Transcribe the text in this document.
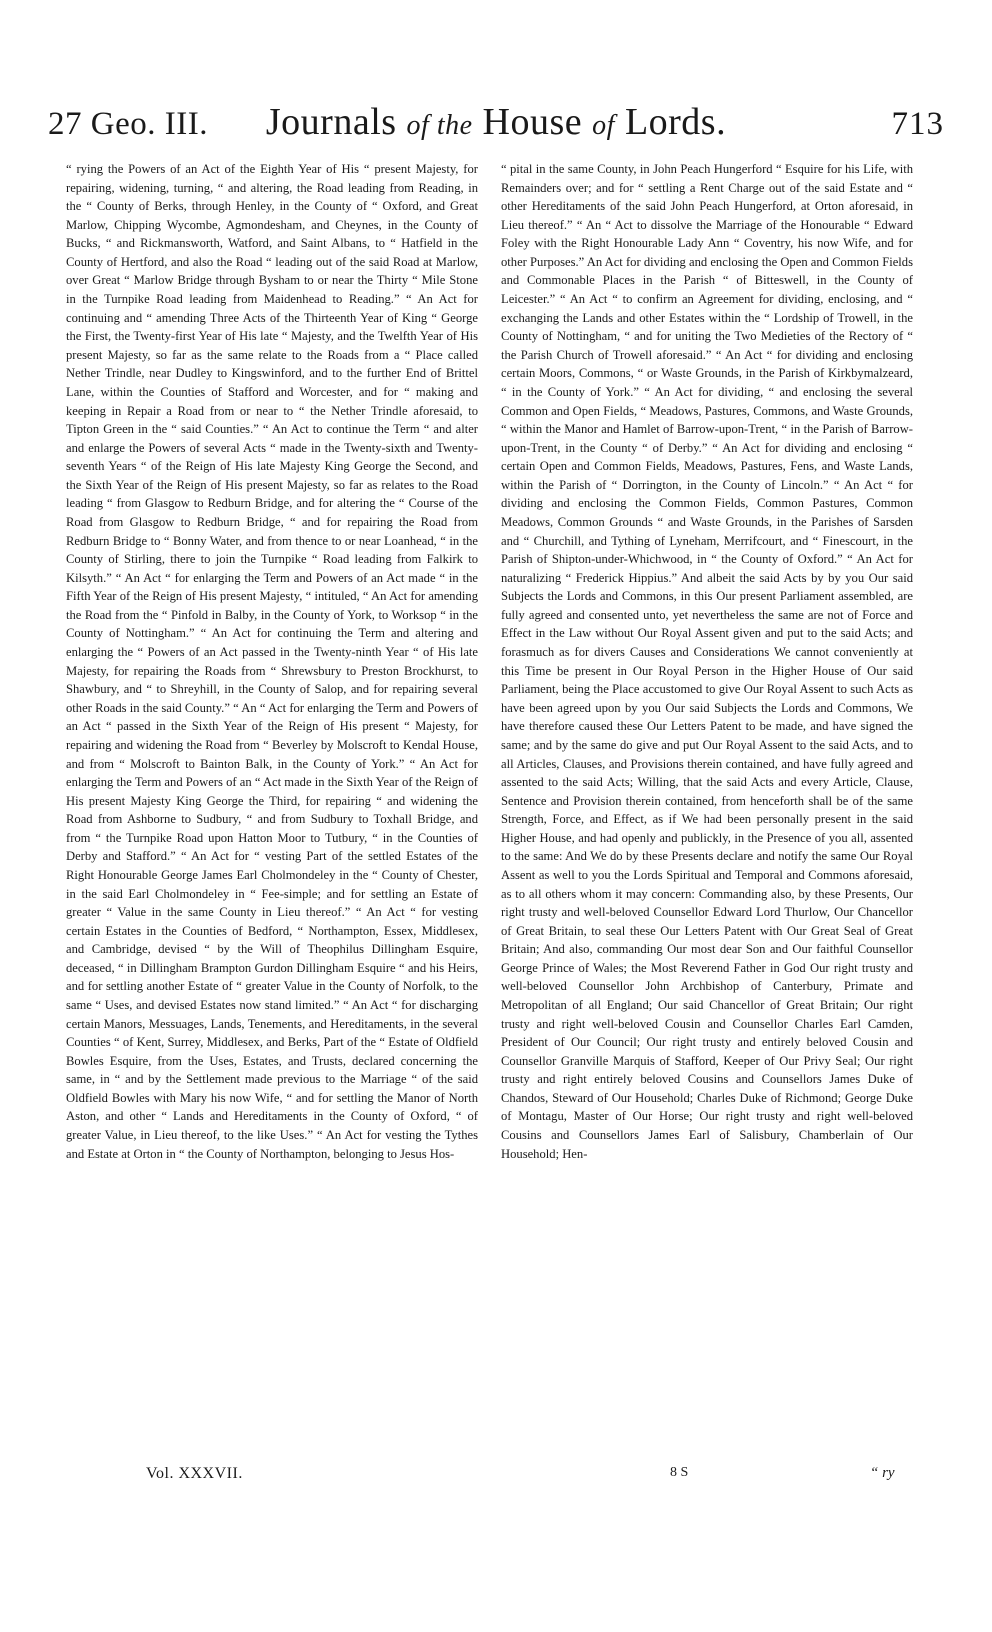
27 Geo. III.	Journals of the House of Lords.	713

“ rying the Powers of an Act of the Eighth Year of His “ present Majesty, for repairing, widening, turning, “ and altering, the Road leading from Reading, in the “ County of Berks, through Henley, in the County of “ Oxford, and Great Marlow, Chipping Wycombe, Agmondesham, and Cheynes, in the County of Bucks, “ and Rickmansworth, Watford, and Saint Albans, to “ Hatfield in the County of Hertford, and also the Road “ leading out of the said Road at Marlow, over Great “ Marlow Bridge through Bysham to or near the Thirty “ Mile Stone in the Turnpike Road leading from Maidenhead to Reading.” “ An Act for continuing and “ amending Three Acts of the Thirteenth Year of King “ George the First, the Twenty-first Year of His late “ Majesty, and the Twelfth Year of His present Majesty, so far as the same relate to the Roads from a “ Place called Nether Trindle, near Dudley to Kingswinford, and to the further End of Brittel Lane, within the Counties of Stafford and Worcester, and for “ making and keeping in Repair a Road from or near to “ the Nether Trindle aforesaid, to Tipton Green in the “ said Counties.” “ An Act to continue the Term “ and alter and enlarge the Powers of several Acts “ made in the Twenty-sixth and Twenty-seventh Years “ of the Reign of His late Majesty King George the Second, and the Sixth Year of the Reign of His present Majesty, so far as relates to the Road leading “ from Glasgow to Redburn Bridge, and for altering the “ Course of the Road from Glasgow to Redburn Bridge, “ and for repairing the Road from Redburn Bridge to “ Bonny Water, and from thence to or near Loanhead, “ in the County of Stirling, there to join the Turnpike “ Road leading from Falkirk to Kilsyth.” “ An Act “ for enlarging the Term and Powers of an Act made “ in the Fifth Year of the Reign of His present Majesty, “ intituled, “ An Act for amending the Road from the “ Pinfold in Balby, in the County of York, to Worksop “ in the County of Nottingham.” “ An Act for continuing the Term and altering and enlarging the “ Powers of an Act passed in the Twenty-ninth Year “ of His late Majesty, for repairing the Roads from “ Shrewsbury to Preston Brockhurst, to Shawbury, and “ to Shreyhill, in the County of Salop, and for repairing several other Roads in the said County.” “ An “ Act for enlarging the Term and Powers of an Act “ passed in the Sixth Year of the Reign of His present “ Majesty, for repairing and widening the Road from “ Beverley by Molscroft to Kendal House, and from “ Molscroft to Bainton Balk, in the County of York.” “ An Act for enlarging the Term and Powers of an “ Act made in the Sixth Year of the Reign of His present Majesty King George the Third, for repairing “ and widening the Road from Ashborne to Sudbury, “ and from Sudbury to Toxhall Bridge, and from “ the Turnpike Road upon Hatton Moor to Tutbury, “ in the Counties of Derby and Stafford.” “ An Act for “ vesting Part of the settled Estates of the Right Honourable George James Earl Cholmondeley in the “ County of Chester, in the said Earl Cholmondeley in “ Fee-simple; and for settling an Estate of greater “ Value in the same County in Lieu thereof.” “ An Act “ for vesting certain Estates in the Counties of Bedford, “ Northampton, Essex, Middlesex, and Cambridge, devised “ by the Will of Theophilus Dillingham Esquire, deceased, “ in Dillingham Brampton Gurdon Dillingham Esquire “ and his Heirs, and for settling another Estate of “ greater Value in the County of Norfolk, to the same “ Uses, and devised Estates now stand limited.” “ An Act “ for discharging certain Manors, Messuages, Lands, Tenements, and Hereditaments, in the several Counties “ of Kent, Surrey, Middlesex, and Berks, Part of the “ Estate of Oldfield Bowles Esquire, from the Uses, Estates, and Trusts, declared concerning the same, in “ and by the Settlement made previous to the Marriage “ of the said Oldfield Bowles with Mary his now Wife, “ and for settling the Manor of North Aston, and other “ Lands and Hereditaments in the County of Oxford, “ of greater Value, in Lieu thereof, to the like Uses.” “ An Act for vesting the Tythes and Estate at Orton in “ the County of Northampton, belonging to Jesus Hos-

“ pital in the same County, in John Peach Hungerford “ Esquire for his Life, with Remainders over; and for “ settling a Rent Charge out of the said Estate and “ other Hereditaments of the said John Peach Hungerford, at Orton aforesaid, in Lieu thereof.” “ An “ Act to dissolve the Marriage of the Honourable “ Edward Foley with the Right Honourable Lady Ann “ Coventry, his now Wife, and for other Purposes.” An Act for dividing and enclosing the Open and Common Fields and Commonable Places in the Parish “ of Bitteswell, in the County of Leicester.” “ An Act “ to confirm an Agreement for dividing, enclosing, and “ exchanging the Lands and other Estates within the “ Lordship of Trowell, in the County of Nottingham, “ and for uniting the Two Medieties of the Rectory of “ the Parish Church of Trowell aforesaid.” “ An Act “ for dividing and enclosing certain Moors, Commons, “ or Waste Grounds, in the Parish of Kirkbymalzeard, “ in the County of York.” “ An Act for dividing, “ and enclosing the several Common and Open Fields, “ Meadows, Pastures, Commons, and Waste Grounds, “ within the Manor and Hamlet of Barrow-upon-Trent, “ in the Parish of Barrow-upon-Trent, in the County “ of Derby.” “ An Act for dividing and enclosing “ certain Open and Common Fields, Meadows, Pastures, Fens, and Waste Lands, within the Parish of “ Dorrington, in the County of Lincoln.” “ An Act “ for dividing and enclosing the Common Fields, Common Pastures, Common Meadows, Common Grounds “ and Waste Grounds, in the Parishes of Sarsden and “ Churchill, and Tything of Lyneham, Merrifcourt, and “ Finescourt, in the Parish of Shipton-under-Whichwood, in “ the County of Oxford.” “ An Act for naturalizing “ Frederick Hippius.” And albeit the said Acts by by you Our said Subjects the Lords and Commons, in this Our present Parliament assembled, are fully agreed and consented unto, yet nevertheless the same are not of Force and Effect in the Law without Our Royal Assent given and put to the said Acts; and forasmuch as for divers Causes and Considerations We cannot conveniently at this Time be present in Our Royal Person in the Higher House of Our said Parliament, being the Place accustomed to give Our Royal Assent to such Acts as have been agreed upon by you Our said Subjects the Lords and Commons, We have therefore caused these Our Letters Patent to be made, and have signed the same; and by the same do give and put Our Royal Assent to the said Acts, and to all Articles, Clauses, and Provisions therein contained, and have fully agreed and assented to the said Acts; Willing, that the said Acts and every Article, Clause, Sentence and Provision therein contained, from henceforth shall be of the same Strength, Force, and Effect, as if We had been personally present in the said Higher House, and had openly and publickly, in the Presence of you all, assented to the same: And We do by these Presents declare and notify the same Our Royal Assent as well to you the Lords Spiritual and Temporal and Commons aforesaid, as to all others whom it may concern: Commanding also, by these Presents, Our right trusty and well-beloved Counsellor Edward Lord Thurlow, Our Chancellor of Great Britain, to seal these Our Letters Patent with Our Great Seal of Great Britain; And also, commanding Our most dear Son and Our faithful Counsellor George Prince of Wales; the Most Reverend Father in God Our right trusty and well-beloved Counsellor John Archbishop of Canterbury, Primate and Metropolitan of all England; Our said Chancellor of Great Britain; Our right trusty and right well-beloved Cousin and Counsellor Charles Earl Camden, President of Our Council; Our right trusty and entirely beloved Cousin and Counsellor Granville Marquis of Stafford, Keeper of Our Privy Seal; Our right trusty and right entirely beloved Cousins and Counsellors James Duke of Chandos, Steward of Our Household; Charles Duke of Richmond; George Duke of Montagu, Master of Our Horse; Our right trusty and right well-beloved Cousins and Counsellors James Earl of Salisbury, Chamberlain of Our Household; Hen-

Vol. XXXVII.	8 S	“ ry
